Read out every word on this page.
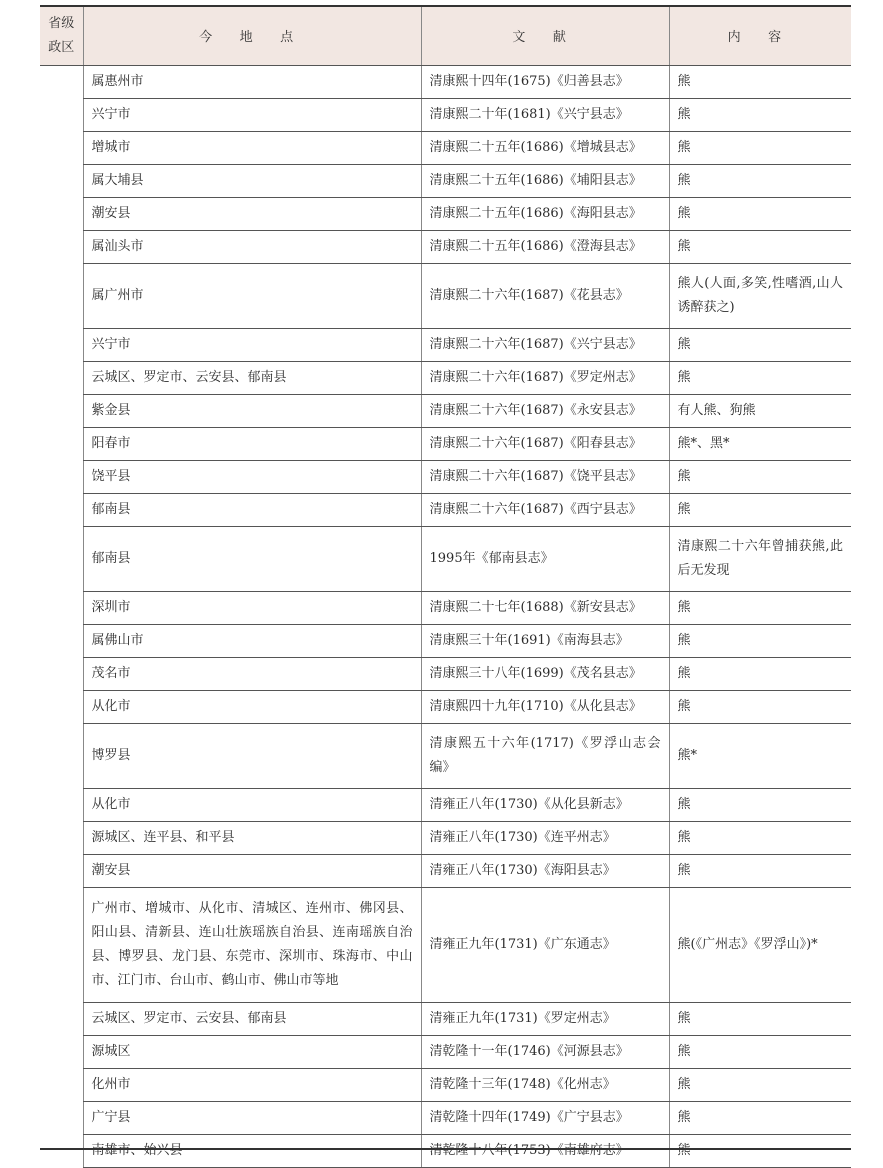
省级
政区	今 地 点	文 献	内 容
	属惠州市	清康熙十四年(1675)《归善县志》	熊
	兴宁市	清康熙二十年(1681)《兴宁县志》	熊
	增城市	清康熙二十五年(1686)《增城县志》	熊
	属大埔县	清康熙二十五年(1686)《埔阳县志》	熊
	潮安县	清康熙二十五年(1686)《海阳县志》	熊
	属汕头市	清康熙二十五年(1686)《澄海县志》	熊
	属广州市	清康熙二十六年(1687)《花县志》	熊人(人面,多笑,性嗜酒,山人诱醉获之)
	兴宁市	清康熙二十六年(1687)《兴宁县志》	熊
	云城区、罗定市、云安县、郁南县	清康熙二十六年(1687)《罗定州志》	熊
	紫金县	清康熙二十六年(1687)《永安县志》	有人熊、狗熊
	阳春市	清康熙二十六年(1687)《阳春县志》	熊*、黑*
	饶平县	清康熙二十六年(1687)《饶平县志》	熊
	郁南县	清康熙二十六年(1687)《西宁县志》	熊
	郁南县	1995年《郁南县志》	清康熙二十六年曾捕获熊,此后无发现
	深圳市	清康熙二十七年(1688)《新安县志》	熊
	属佛山市	清康熙三十年(1691)《南海县志》	熊
	茂名市	清康熙三十八年(1699)《茂名县志》	熊
	从化市	清康熙四十九年(1710)《从化县志》	熊
	博罗县	清康熙五十六年(1717)《罗浮山志会编》	熊*
	从化市	清雍正八年(1730)《从化县新志》	熊
	源城区、连平县、和平县	清雍正八年(1730)《连平州志》	熊
	潮安县	清雍正八年(1730)《海阳县志》	熊
	广州市、增城市、从化市、清城区、连州市、佛冈县、阳山县、清新县、连山壮族瑶族自治县、连南瑶族自治县、博罗县、龙门县、东莞市、深圳市、珠海市、中山市、江门市、台山市、鹤山市、佛山市等地	清雍正九年(1731)《广东通志》	熊(《广州志》《罗浮山》)*
	云城区、罗定市、云安县、郁南县	清雍正九年(1731)《罗定州志》	熊
	源城区	清乾隆十一年(1746)《河源县志》	熊
	化州市	清乾隆十三年(1748)《化州志》	熊
	广宁县	清乾隆十四年(1749)《广宁县志》	熊
	南雄市、始兴县	清乾隆十八年(1753)《南雄府志》	熊
